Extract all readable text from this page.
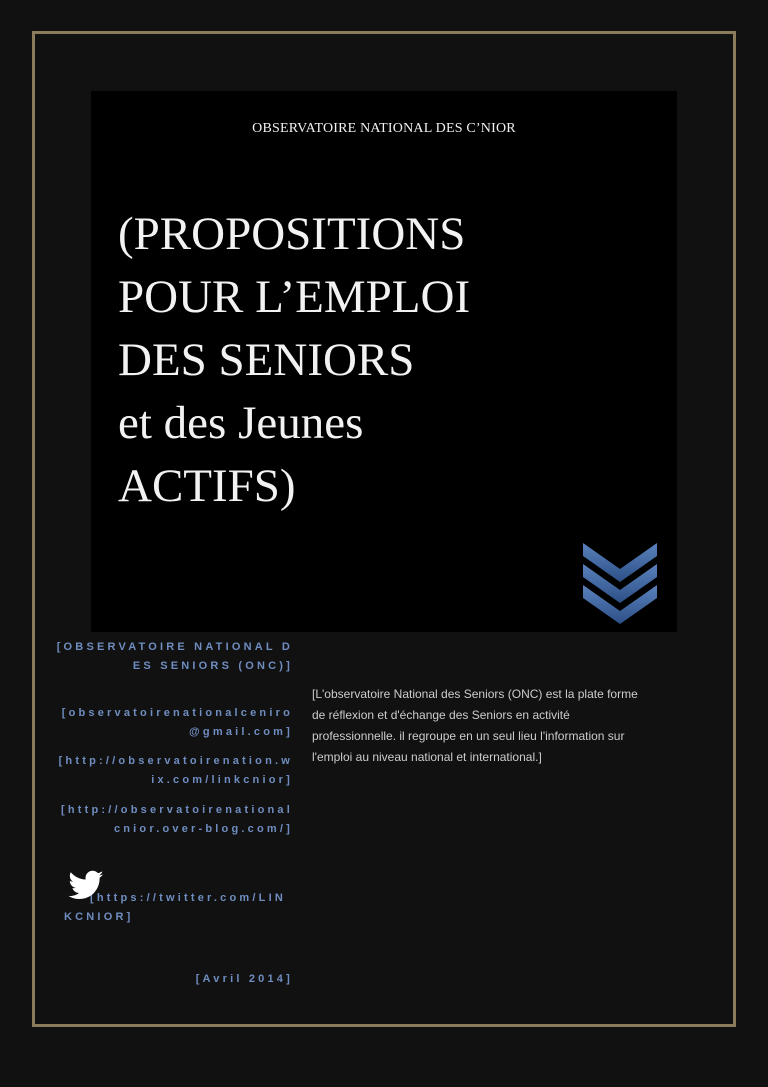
OBSERVATOIRE NATIONAL DES C’NIOR
(PROPOSITIONS
POUR L’EMPLOI
DES SENIORS
et des Jeunes
ACTIFS)
[OBSERVATOIRE NATIONAL DES SENIORS (ONC)]
[observatoirenationalceniro@gmail.com]
[http://observatoirenation.wix.com/linkcnior]
[http://observatoirenationalcnior.over-blog.com/]
[https://twitter.com/LINKCNIOR]
[Avril 2014]
[L'observatoire National des Seniors (ONC) est la plate forme de réflexion et d'échange des Seniors en activité professionnelle. il regroupe en un seul lieu l'information sur l'emploi au niveau national et international.]
